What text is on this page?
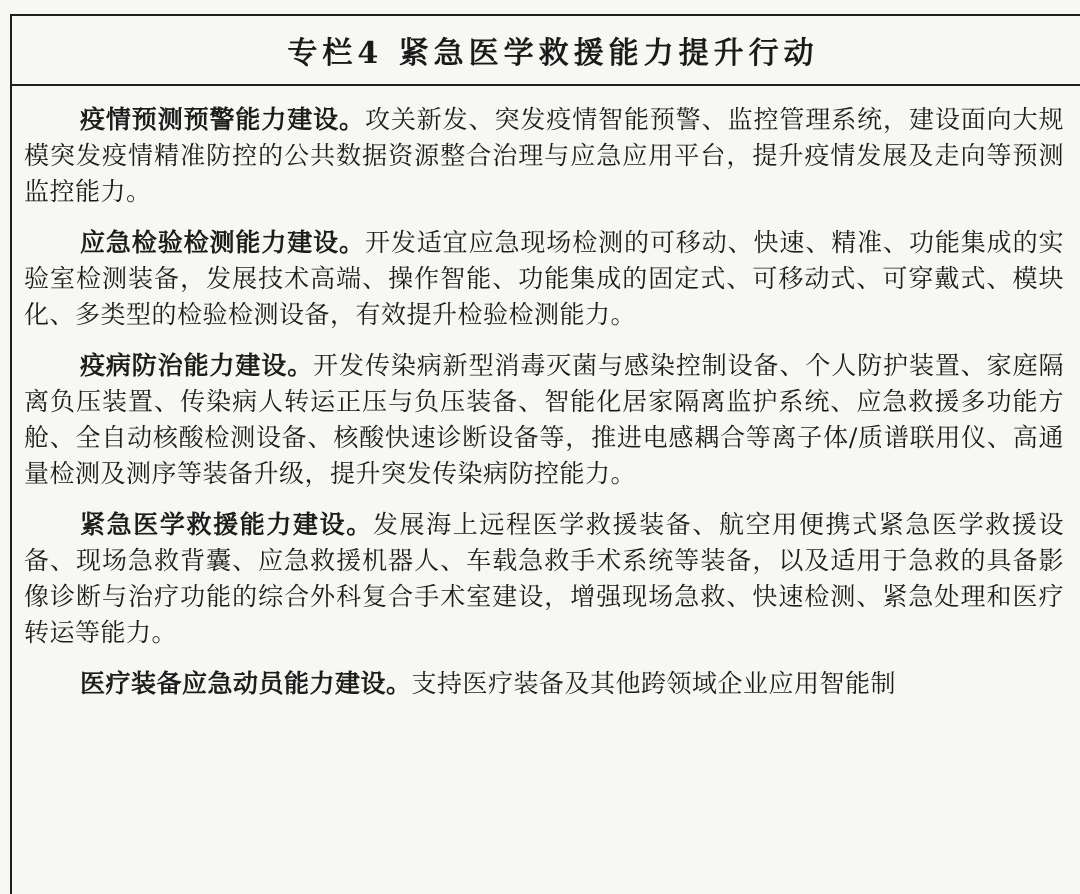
专栏4 紧急医学救援能力提升行动

疫情预测预警能力建设。攻关新发、突发疫情智能预警、监控管理系统，建设面向大规模突发疫情精准防控的公共数据资源整合治理与应急应用平台，提升疫情发展及走向等预测监控能力。

应急检验检测能力建设。开发适宜应急现场检测的可移动、快速、精准、功能集成的实验室检测装备，发展技术高端、操作智能、功能集成的固定式、可移动式、可穿戴式、模块化、多类型的检验检测设备，有效提升检验检测能力。

疫病防治能力建设。开发传染病新型消毒灭菌与感染控制设备、个人防护装置、家庭隔离负压装置、传染病人转运正压与负压装备、智能化居家隔离监护系统、应急救援多功能方舱、全自动核酸检测设备、核酸快速诊断设备等，推进电感耦合等离子体/质谱联用仪、高通量检测及测序等装备升级，提升突发传染病防控能力。

紧急医学救援能力建设。发展海上远程医学救援装备、航空用便携式紧急医学救援设备、现场急救背囊、应急救援机器人、车载急救手术系统等装备，以及适用于急救的具备影像诊断与治疗功能的综合外科复合手术室建设，增强现场急救、快速检测、紧急处理和医疗转运等能力。

医疗装备应急动员能力建设。支持医疗装备及其他跨领域企业应用智能制
